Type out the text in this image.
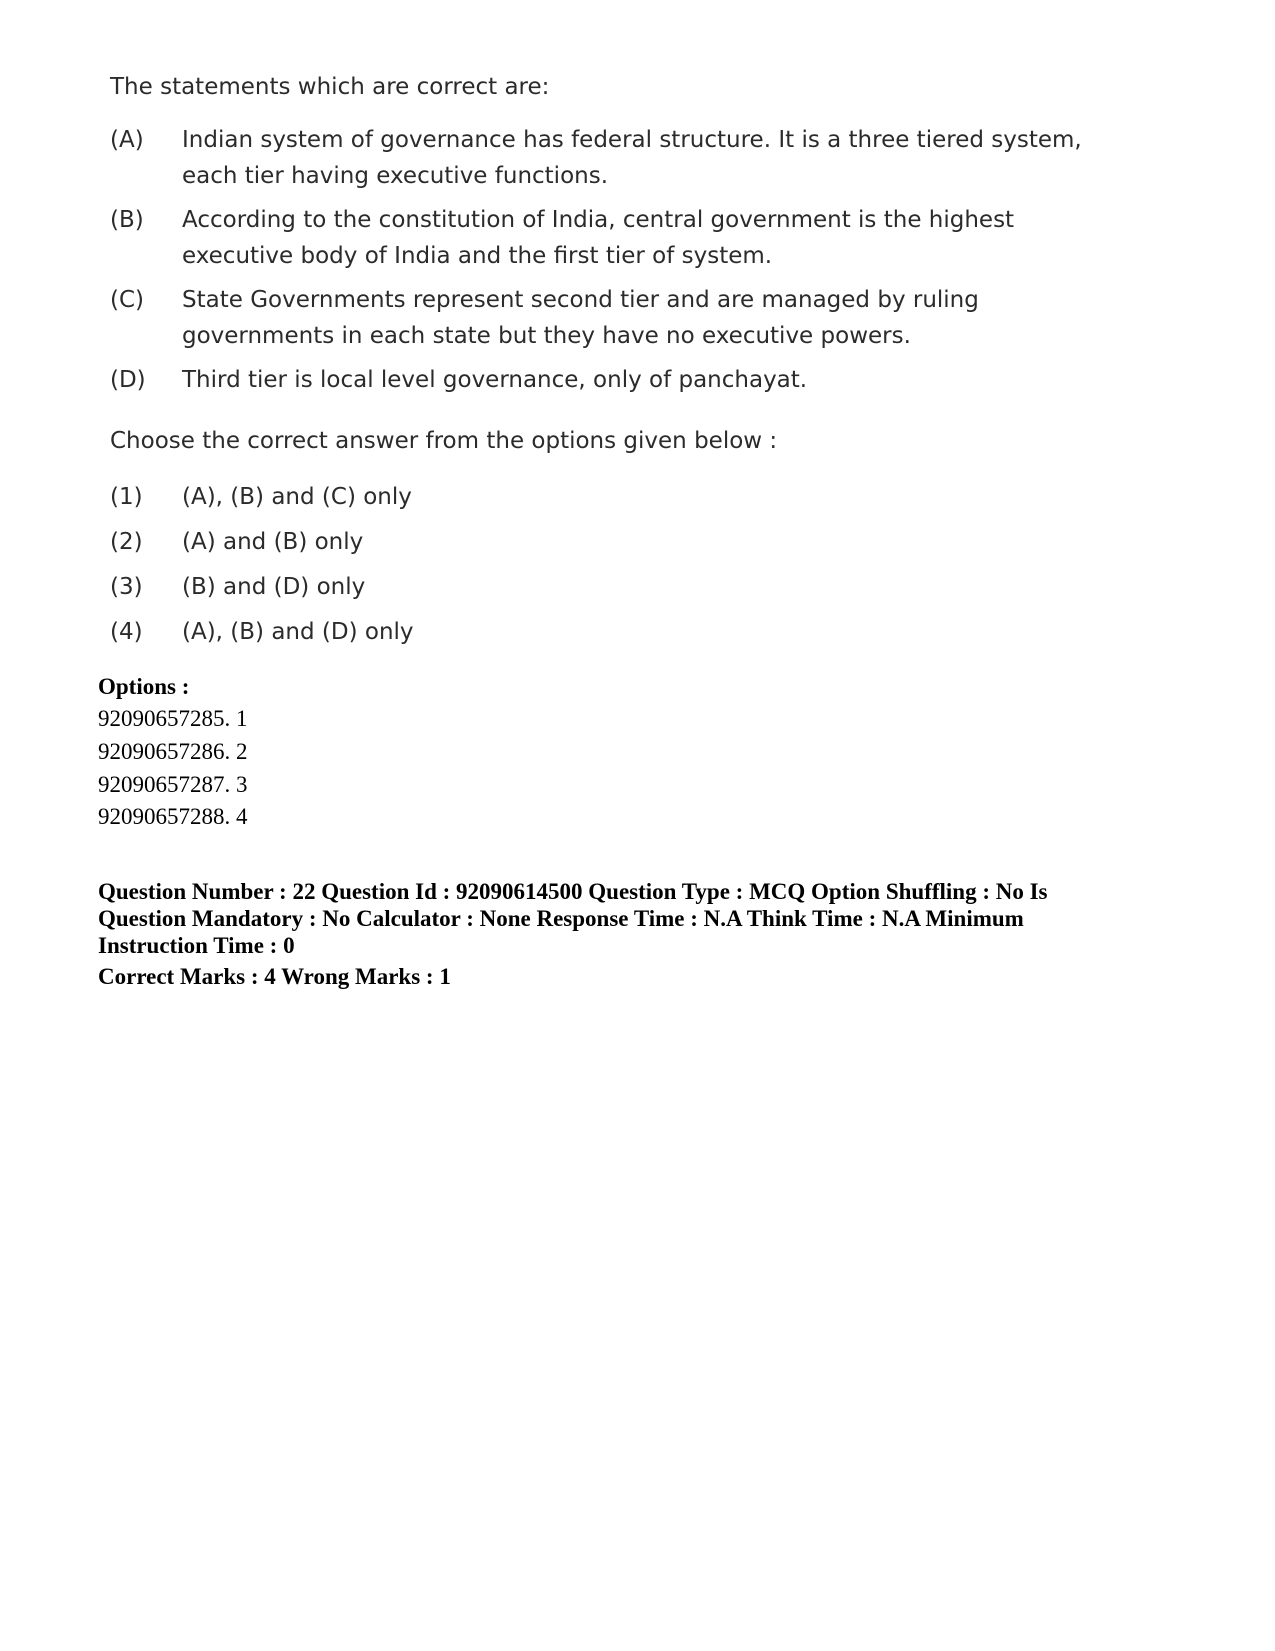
The statements which are correct are:
(A) Indian system of governance has federal structure. It is a three tiered system, each tier having executive functions.
(B) According to the constitution of India, central government is the highest executive body of India and the first tier of system.
(C) State Governments represent second tier and are managed by ruling governments in each state but they have no executive powers.
(D) Third tier is local level governance, only of panchayat.
Choose the correct answer from the options given below :
(1) (A), (B) and (C) only
(2) (A) and (B) only
(3) (B) and (D) only
(4) (A), (B) and (D) only
Options :
92090657285. 1
92090657286. 2
92090657287. 3
92090657288. 4
Question Number : 22 Question Id : 92090614500 Question Type : MCQ Option Shuffling : No Is Question Mandatory : No Calculator : None Response Time : N.A Think Time : N.A Minimum Instruction Time : 0
Correct Marks : 4 Wrong Marks : 1
